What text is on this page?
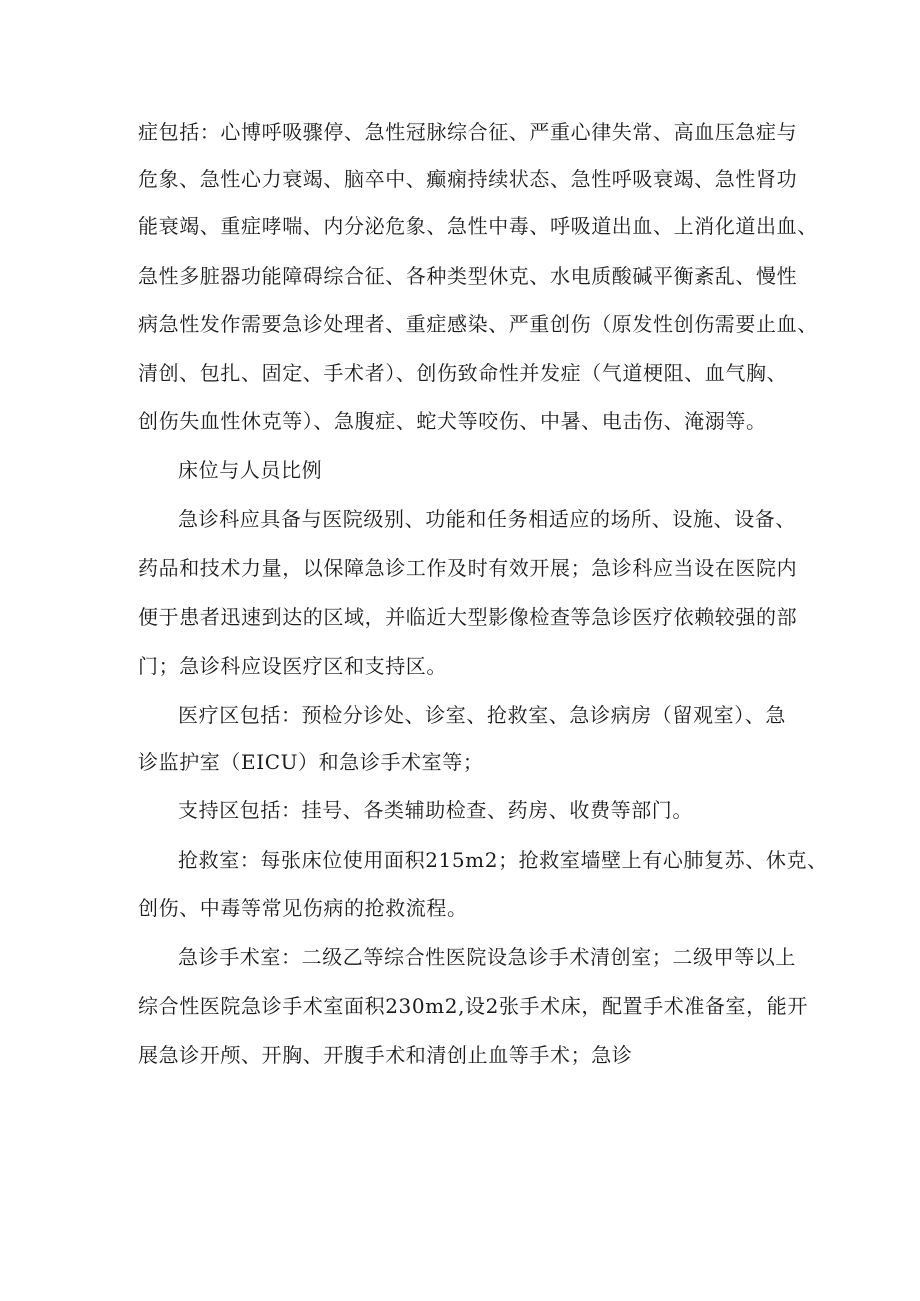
症包括：心博呼吸骤停、急性冠脉综合征、严重心律失常、高血压急症与
危象、急性心力衰竭、脑卒中、癫痫持续状态、急性呼吸衰竭、急性肾功
能衰竭、重症哮喘、内分泌危象、急性中毒、呼吸道出血、上消化道出血、
急性多脏器功能障碍综合征、各种类型休克、水电质酸碱平衡紊乱、慢性
病急性发作需要急诊处理者、重症感染、严重创伤（原发性创伤需要止血、
清创、包扎、固定、手术者）、创伤致命性并发症（气道梗阻、血气胸、
创伤失血性休克等）、急腹症、蛇犬等咬伤、中暑、电击伤、淹溺等。
床位与人员比例
急诊科应具备与医院级别、功能和任务相适应的场所、设施、设备、
药品和技术力量，以保障急诊工作及时有效开展；急诊科应当设在医院内
便于患者迅速到达的区域，并临近大型影像检查等急诊医疗依赖较强的部
门；急诊科应设医疗区和支持区。
医疗区包括：预检分诊处、诊室、抢救室、急诊病房（留观室）、急
诊监护室（EICU）和急诊手术室等；
支持区包括：挂号、各类辅助检查、药房、收费等部门。
抢救室：每张床位使用面积215m2；抢救室墙壁上有心肺复苏、休克、
创伤、中毒等常见伤病的抢救流程。
急诊手术室：二级乙等综合性医院设急诊手术清创室；二级甲等以上
综合性医院急诊手术室面积230m2,设2张手术床，配置手术准备室，能开
展急诊开颅、开胸、开腹手术和清创止血等手术；急诊
